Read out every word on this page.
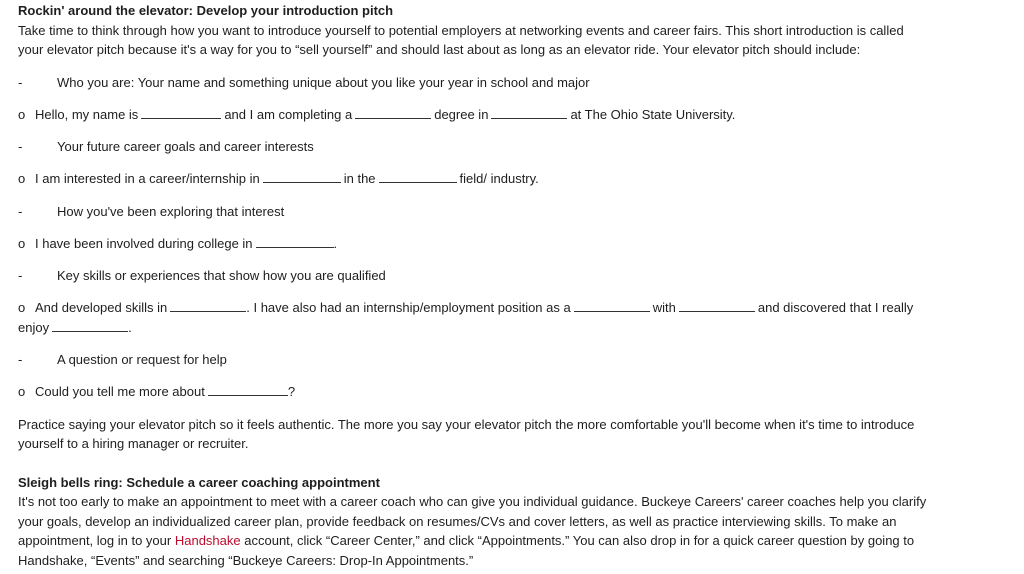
Rockin' around the elevator: Develop your introduction pitch

Take time to think through how you want to introduce yourself to potential employers at networking events and career fairs. This short introduction is called

your elevator pitch because it's a way for you to “sell yourself” and should last about as long as an elevator ride. Your elevator pitch should include:

-	Who you are: Your name and something unique about you like your year in school and major
o Hello, my name is	and I am completing a	degree in	at The Ohio State University.
-	Your future career goals and career interests
o I am interested in a career/internship in	in the	field/ industry.
-	How you've been exploring that interest
o I have been involved during college in	.
-	Key skills or experiences that show how you are qualified
o And developed skills in	. I have also had an internship/employment position as a	with	and discovered that I really
enjoy	.
-	A question or request for help
o Could you tell me more about	?

Practice saying your elevator pitch so it feels authentic. The more you say your elevator pitch the more comfortable you'll become when it's time to introduce

yourself to a hiring manager or recruiter.

Sleigh bells ring: Schedule a career coaching appointment

It's not too early to make an appointment to meet with a career coach who can give you individual guidance. Buckeye Careers' career coaches help you clarify

your goals, develop an individualized career plan, provide feedback on resumes/CVs and cover letters, as well as practice interviewing skills. To make an

appointment, log in to your Handshake account, click “Career Center,” and click “Appointments.” You can also drop in for a quick career question by going to

Handshake, “Events” and searching “Buckeye Careers: Drop-In Appointments.”
